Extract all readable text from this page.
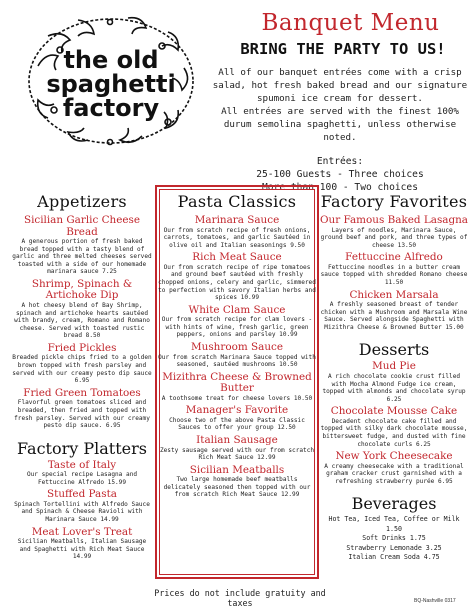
the old
spaghetti
factory
Banquet Menu
BRING THE PARTY TO US!
All of our banquet entrées come with a crisp
salad, hot fresh baked bread and our signature
spumoni ice cream for dessert.
All entrées are served with the finest 100%
durum semolina spaghetti, unless otherwise noted.
Entrées:
25-100 Guests - Three choices
More than 100 - Two choices
Appetizers
Sicilian Garlic Cheese Bread
A generous portion of fresh baked bread topped with a tasty blend of garlic and three melted cheeses served toasted with a side of our homemade marinara sauce 7.25
Shrimp, Spinach & Artichoke Dip
A hot cheesy blend of Bay Shrimp, spinach and artichoke hearts sautéed with brandy, cream, Romano and Romano cheese. Served with toasted rustic bread 8.50
Fried Pickles
Breaded pickle chips fried to a golden brown topped with fresh parsley and served with our creamy pesto dip sauce 6.95
Fried Green Tomatoes
Flavorful green tomatoes sliced and breaded, then fried and topped with fresh parsley. Served with our creamy pesto dip sauce. 6.95
Factory Platters
Taste of Italy
Our special recipe Lasagna and Fettuccine Alfredo 15.99
Stuffed Pasta
Spinach Tortellini with Alfredo Sauce and Spinach & Cheese Ravioli with Marinara Sauce 14.99
Meat Lover's Treat
Sicilian Meatballs, Italian Sausage and Spaghetti with Rich Meat Sauce 14.99
Pasta Classics
Marinara Sauce
Our from scratch recipe of fresh onions, carrots, tomatoes, and garlic Sautéed in olive oil and Italian seasonings 9.50
Rich Meat Sauce
Our from scratch recipe of ripe tomatoes and ground beef sautéed with freshly chopped onions, celery and garlic, simmered to perfection with savory Italian herbs and spices 10.99
White Clam Sauce
Our from scratch recipe for clam lovers - with hints of wine, fresh garlic, green peppers, onions and parsley 10.99
Mushroom Sauce
Our from scratch Marinara Sauce topped with seasoned, sautéed mushrooms 10.50
Mizithra Cheese & Browned Butter
A toothsome treat for cheese lovers 10.50
Manager's Favorite
Choose two of the above Pasta Classic Sauces to offer your group 12.50
Italian Sausage
Zesty sausage served with our from scratch Rich Meat Sauce 12.99
Sicilian Meatballs
Two large homemade beef meatballs delicately seasoned then topped with our from scratch Rich Meat Sauce 12.99
Factory Favorites
Our Famous Baked Lasagna
Layers of noodles, Marinara Sauce, ground beef and pork, and three types of cheese 13.50
Fettuccine Alfredo
Fettuccine noodles in a butter cream sauce topped with shredded Romano cheese 11.50
Chicken Marsala
A freshly seasoned breast of tender chicken with a Mushroom and Marsala Wine Sauce. Served alongside Spaghetti with Mizithra Cheese & Browned Butter 15.00
Desserts
Mud Pie
A rich chocolate cookie crust filled with Mocha Almond Fudge ice cream, topped with almonds and chocolate syrup 6.25
Chocolate Mousse Cake
Decadent chocolate cake filled and topped with silky dark chocolate mousse, bittersweet fudge, and dusted with fine chocolate curls 6.25
New York Cheesecake
A creamy cheesecake with a traditional graham cracker crust garnished with a refreshing strawberry purée 6.95
Beverages
Hot Tea, Iced Tea, Coffee or Milk 1.50
Soft Drinks 1.75
Strawberry Lemonade 3.25
Italian Cream Soda 4.75
Prices do not include gratuity and taxes	BQ-Nashville 0317
